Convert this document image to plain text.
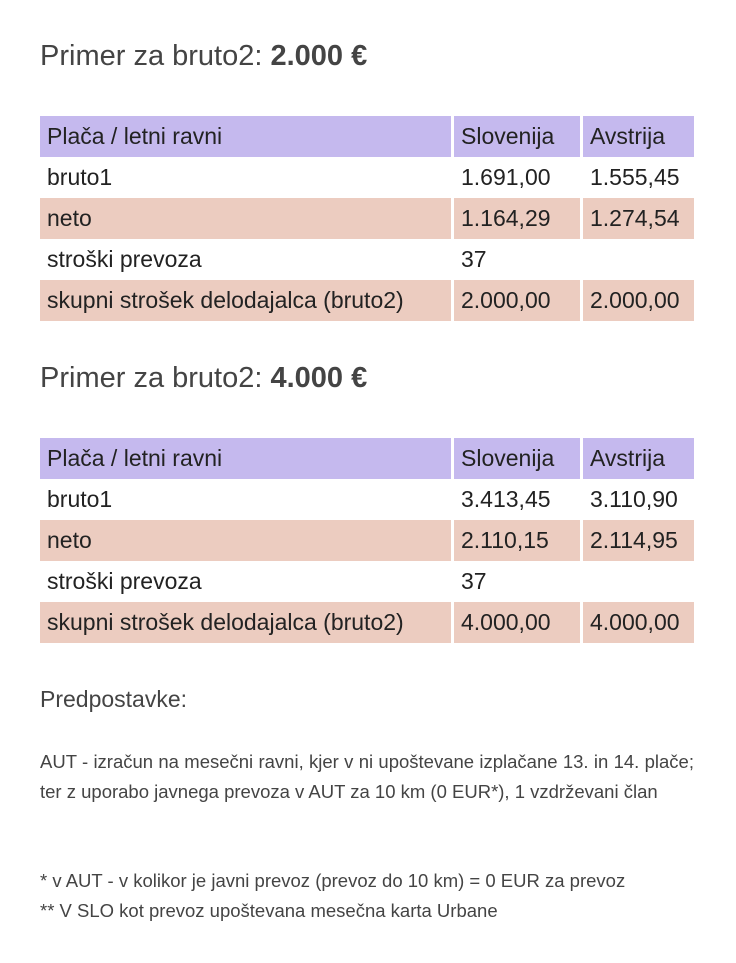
Primer za bruto2: 2.000 €
Plača / letni ravni	Slovenija	Avstrija
bruto1	1.691,00	1.555,45
neto	1.164,29	1.274,54
stroški prevoza	37	
skupni strošek delodajalca (bruto2)	2.000,00	2.000,00
Primer za bruto2: 4.000 €
Plača / letni ravni	Slovenija	Avstrija
bruto1	3.413,45	3.110,90
neto	2.110,15	2.114,95
stroški prevoza	37	
skupni strošek delodajalca (bruto2)	4.000,00	4.000,00
Predpostavke:

AUT - izračun na mesečni ravni, kjer v ni upoštevane izplačane 13. in 14. plače; ter z uporabo javnega prevoza v AUT za 10 km (0 EUR*), 1 vzdrževani član

* v AUT - v kolikor je javni prevoz (prevoz do 10 km) = 0 EUR za prevoz

** V SLO kot prevoz upoštevana mesečna karta Urbane
